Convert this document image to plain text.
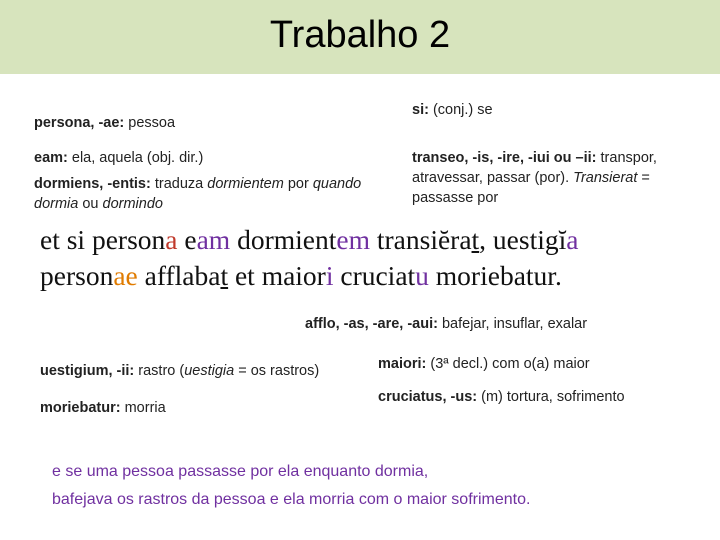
Trabalho 2
persona, -ae: pessoa
eam: ela, aquela (obj. dir.)
dormiens, -entis: traduza dormientem por quando dormia ou dormindo
si: (conj.) se
transeo, -is, -ire, -iui ou –ii: transpor, atravessar, passar (por). Transierat = passasse por
et si persona eam dormientem transiĕrat, uestigĭa
personae afflabat et maiori cruciatu moriebatur.
afflo, -as, -are, -aui: bafejar, insuflar, exalar
uestigium, -ii: rastro (uestigia = os rastros)
moriebatur: morria
maiori: (3ª decl.) com o(a) maior
cruciatus, -us: (m) tortura, sofrimento
e se uma pessoa passasse por ela enquanto dormia,
bafejava os rastros da pessoa e ela morria com o maior sofrimento.
